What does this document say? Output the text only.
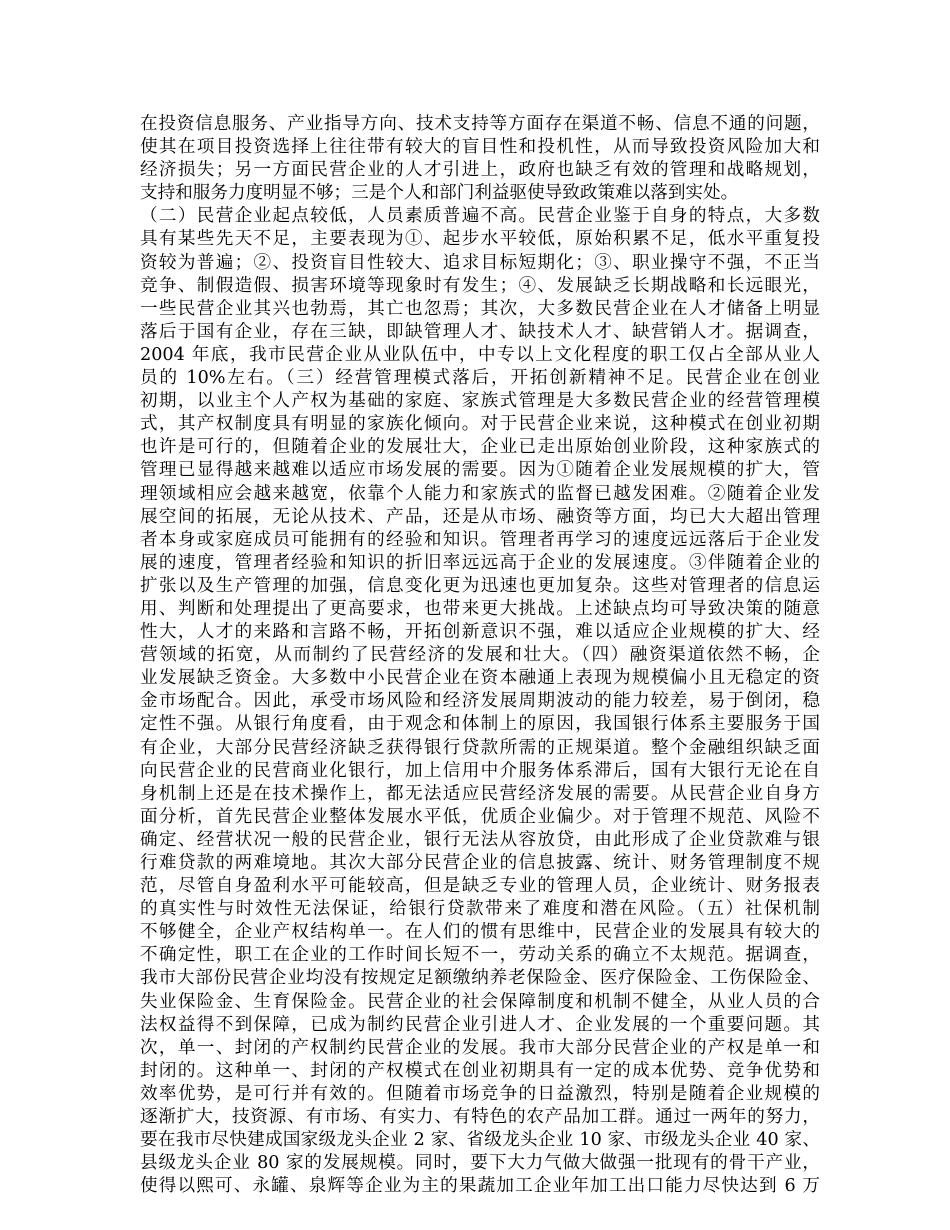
在投资信息服务、产业指导方向、技术支持等方面存在渠道不畅、信息不通的问题，
使其在项目投资选择上往往带有较大的盲目性和投机性，从而导致投资风险加大和
经济损失；另一方面民营企业的人才引进上，政府也缺乏有效的管理和战略规划，
支持和服务力度明显不够；三是个人和部门利益驱使导致政策难以落到实处。
（二）民营企业起点较低，人员素质普遍不高。民营企业鉴于自身的特点，大多数
具有某些先天不足，主要表现为①、起步水平较低，原始积累不足，低水平重复投
资较为普遍；②、投资盲目性较大、追求目标短期化；③、职业操守不强，不正当
竞争、制假造假、损害环境等现象时有发生；④、发展缺乏长期战略和长远眼光，
一些民营企业其兴也勃焉，其亡也忽焉；其次，大多数民营企业在人才储备上明显
落后于国有企业，存在三缺，即缺管理人才、缺技术人才、缺营销人才。据调查，
2004 年底，我市民营企业从业队伍中，中专以上文化程度的职工仅占全部从业人
员的 10%左右。（三）经营管理模式落后，开拓创新精神不足。民营企业在创业
初期，以业主个人产权为基础的家庭、家族式管理是大多数民营企业的经营管理模
式，其产权制度具有明显的家族化倾向。对于民营企业来说，这种模式在创业初期
也许是可行的，但随着企业的发展壮大，企业已走出原始创业阶段，这种家族式的
管理已显得越来越难以适应市场发展的需要。因为①随着企业发展规模的扩大，管
理领域相应会越来越宽，依靠个人能力和家族式的监督已越发困难。②随着企业发
展空间的拓展，无论从技术、产品，还是从市场、融资等方面，均已大大超出管理
者本身或家庭成员可能拥有的经验和知识。管理者再学习的速度远远落后于企业发
展的速度，管理者经验和知识的折旧率远远高于企业的发展速度。③伴随着企业的
扩张以及生产管理的加强，信息变化更为迅速也更加复杂。这些对管理者的信息运
用、判断和处理提出了更高要求，也带来更大挑战。上述缺点均可导致决策的随意
性大，人才的来路和言路不畅，开拓创新意识不强，难以适应企业规模的扩大、经
营领域的拓宽，从而制约了民营经济的发展和壮大。（四）融资渠道依然不畅，企
业发展缺乏资金。大多数中小民营企业在资本融通上表现为规模偏小且无稳定的资
金市场配合。因此，承受市场风险和经济发展周期波动的能力较差，易于倒闭，稳
定性不强。从银行角度看，由于观念和体制上的原因，我国银行体系主要服务于国
有企业，大部分民营经济缺乏获得银行贷款所需的正规渠道。整个金融组织缺乏面
向民营企业的民营商业化银行，加上信用中介服务体系滞后，国有大银行无论在自
身机制上还是在技术操作上，都无法适应民营经济发展的需要。从民营企业自身方
面分析，首先民营企业整体发展水平低，优质企业偏少。对于管理不规范、风险不
确定、经营状况一般的民营企业，银行无法从容放贷，由此形成了企业贷款难与银
行难贷款的两难境地。其次大部分民营企业的信息披露、统计、财务管理制度不规
范，尽管自身盈利水平可能较高，但是缺乏专业的管理人员，企业统计、财务报表
的真实性与时效性无法保证，给银行贷款带来了难度和潜在风险。（五）社保机制
不够健全，企业产权结构单一。在人们的惯有思维中，民营企业的发展具有较大的
不确定性，职工在企业的工作时间长短不一，劳动关系的确立不太规范。据调查，
我市大部份民营企业均没有按规定足额缴纳养老保险金、医疗保险金、工伤保险金、
失业保险金、生育保险金。民营企业的社会保障制度和机制不健全，从业人员的合
法权益得不到保障，已成为制约民营企业引进人才、企业发展的一个重要问题。其
次，单一、封闭的产权制约民营企业的发展。我市大部分民营企业的产权是单一和
封闭的。这种单一、封闭的产权模式在创业初期具有一定的成本优势、竞争优势和
效率优势，是可行并有效的。但随着市场竞争的日益激烈，特别是随着企业规模的
逐渐扩大，技资源、有市场、有实力、有特色的农产品加工群。通过一两年的努力，
要在我市尽快建成国家级龙头企业 2 家、省级龙头企业 10 家、市级龙头企业 40 家、
县级龙头企业 80 家的发展规模。同时，要下大力气做大做强一批现有的骨干产业，
使得以熙可、永罐、泉辉等企业为主的果蔬加工企业年加工出口能力尽快达到 6 万
